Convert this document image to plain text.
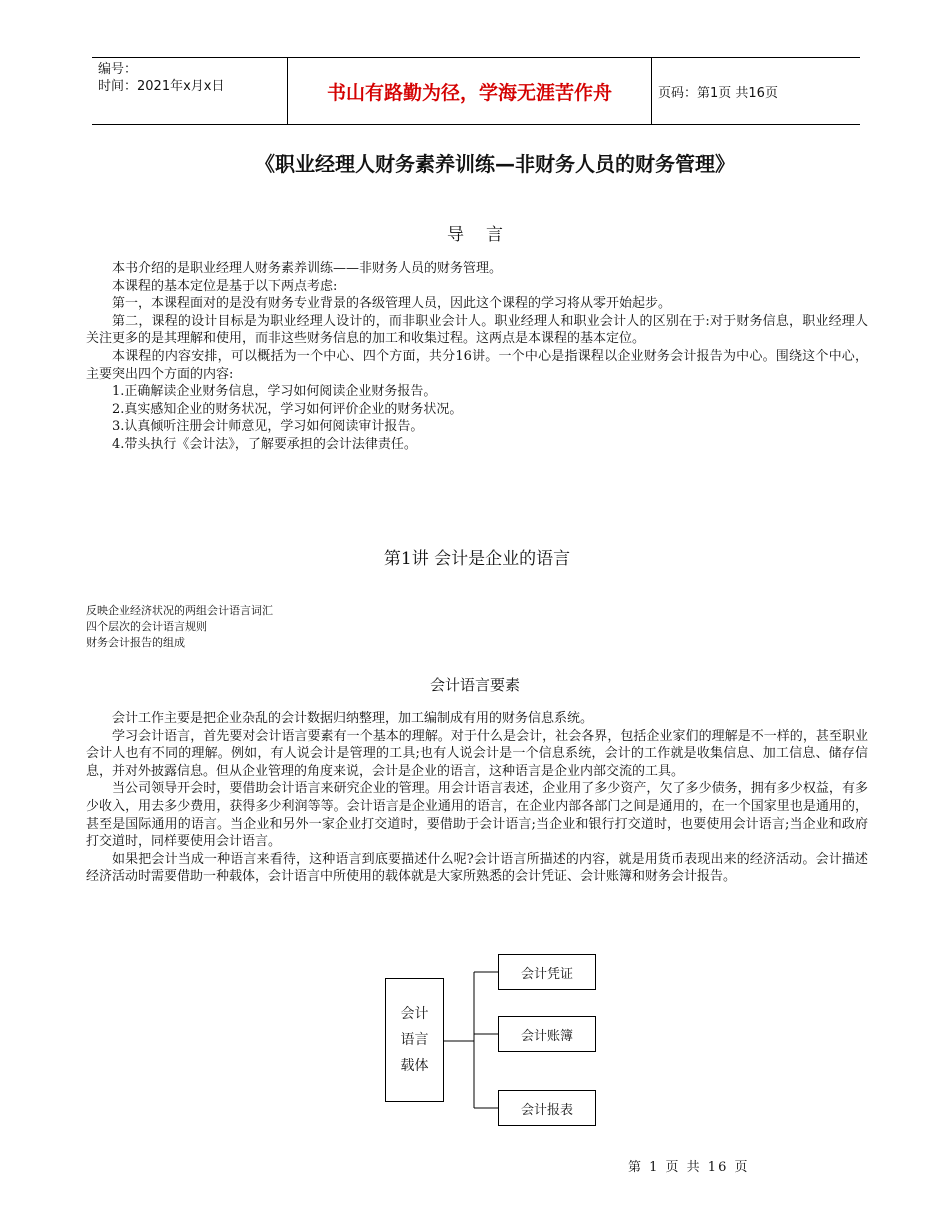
编号：
时间：2021年x月x日	书山有路勤为径，学海无涯苦作舟	页码：第1页 共16页
《职业经理人财务素养训练—非财务人员的财务管理》
导言

本书介绍的是职业经理人财务素养训练——非财务人员的财务管理。

本课程的基本定位是基于以下两点考虑:

第一，本课程面对的是没有财务专业背景的各级管理人员，因此这个课程的学习将从零开始起步。

第二，课程的设计目标是为职业经理人设计的，而非职业会计人。职业经理人和职业会计人的区别在于:对于财务信息，职业经理人关注更多的是其理解和使用，而非这些财务信息的加工和收集过程。这两点是本课程的基本定位。

本课程的内容安排，可以概括为一个中心、四个方面，共分16讲。一个中心是指课程以企业财务会计报告为中心。围绕这个中心，主要突出四个方面的内容:

1.正确解读企业财务信息，学习如何阅读企业财务报告。

2.真实感知企业的财务状况，学习如何评价企业的财务状况。

3.认真倾听注册会计师意见，学习如何阅读审计报告。

4.带头执行《会计法》，了解要承担的会计法律责任。

第1讲 会计是企业的语言
反映企业经济状况的两组会计语言词汇
四个层次的会计语言规则
财务会计报告的组成
会计语言要素

会计工作主要是把企业杂乱的会计数据归纳整理，加工编制成有用的财务信息系统。

学习会计语言，首先要对会计语言要素有一个基本的理解。对于什么是会计，社会各界，包括企业家们的理解是不一样的，甚至职业会计人也有不同的理解。例如，有人说会计是管理的工具;也有人说会计是一个信息系统，会计的工作就是收集信息、加工信息、储存信息，并对外披露信息。但从企业管理的角度来说，会计是企业的语言，这种语言是企业内部交流的工具。

当公司领导开会时，要借助会计语言来研究企业的管理。用会计语言表述，企业用了多少资产，欠了多少债务，拥有多少权益，有多少收入，用去多少费用，获得多少利润等等。会计语言是企业通用的语言，在企业内部各部门之间是通用的，在一个国家里也是通用的，甚至是国际通用的语言。当企业和另外一家企业打交道时，要借助于会计语言;当企业和银行打交道时，也要使用会计语言;当企业和政府打交道时，同样要使用会计语言。

如果把会计当成一种语言来看待，这种语言到底要描述什么呢?会计语言所描述的内容，就是用货币表现出来的经济活动。会计描述经济活动时需要借助一种载体，会计语言中所使用的载体就是大家所熟悉的会计凭证、会计账簿和财务会计报告。

会计语言载体
会计凭证
会计账簿
会计报表
第 1 页 共 16 页
